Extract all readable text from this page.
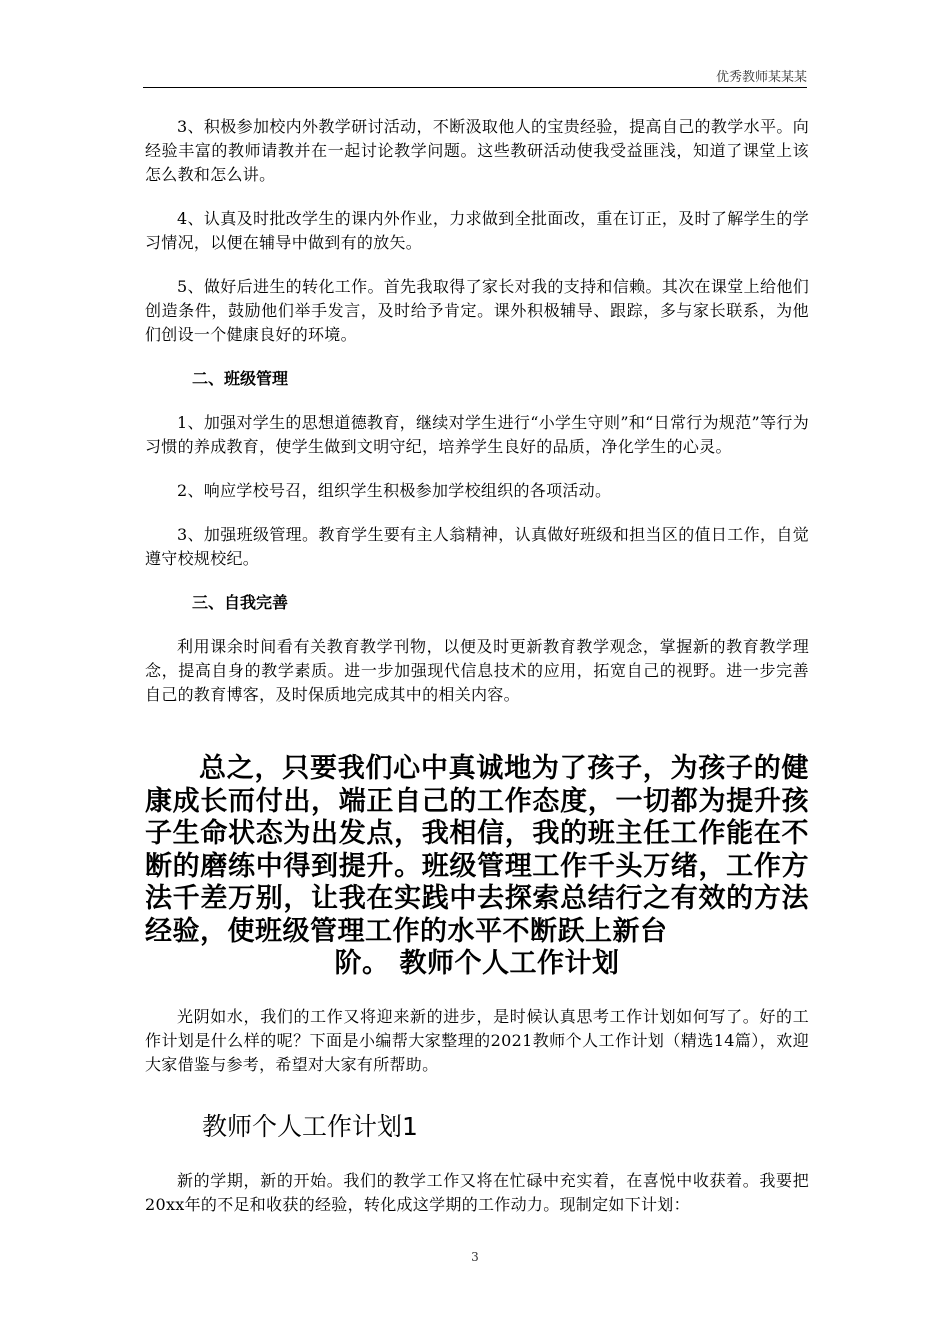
优秀教师某某某

3、积极参加校内外教学研讨活动，不断汲取他人的宝贵经验，提高自己的教学水平。向经验丰富的教师请教并在一起讨论教学问题。这些教研活动使我受益匪浅，知道了课堂上该怎么教和怎么讲。

4、认真及时批改学生的课内外作业，力求做到全批面改，重在订正，及时了解学生的学习情况，以便在辅导中做到有的放矢。

5、做好后进生的转化工作。首先我取得了家长对我的支持和信赖。其次在课堂上给他们创造条件，鼓励他们举手发言，及时给予肯定。课外积极辅导、跟踪，多与家长联系，为他们创设一个健康良好的环境。

二、班级管理

1、加强对学生的思想道德教育，继续对学生进行“小学生守则”和“日常行为规范”等行为习惯的养成教育，使学生做到文明守纪，培养学生良好的品质，净化学生的心灵。

2、响应学校号召，组织学生积极参加学校组织的各项活动。

3、加强班级管理。教育学生要有主人翁精神，认真做好班级和担当区的值日工作，自觉遵守校规校纪。

三、自我完善

利用课余时间看有关教育教学刊物，以便及时更新教育教学观念，掌握新的教育教学理念，提高自身的教学素质。进一步加强现代信息技术的应用，拓宽自己的视野。进一步完善自己的教育博客，及时保质地完成其中的相关内容。

总之，只要我们心中真诚地为了孩子，为孩子的健康成长而付出，端正自己的工作态度，一切都为提升孩子生命状态为出发点，我相信，我的班主任工作能在不断的磨练中得到提升。班级管理工作千头万绪，工作方法千差万别，让我在实践中去探索总结行之有效的方法经验，使班级管理工作的水平不断跃上新台
阶。 教师个人工作计划

光阴如水，我们的工作又将迎来新的进步，是时候认真思考工作计划如何写了。好的工作计划是什么样的呢？下面是小编帮大家整理的2021教师个人工作计划（精选14篇），欢迎大家借鉴与参考，希望对大家有所帮助。

教师个人工作计划1

新的学期，新的开始。我们的教学工作又将在忙碌中充实着，在喜悦中收获着。我要把20xx年的不足和收获的经验，转化成这学期的工作动力。现制定如下计划：

3
